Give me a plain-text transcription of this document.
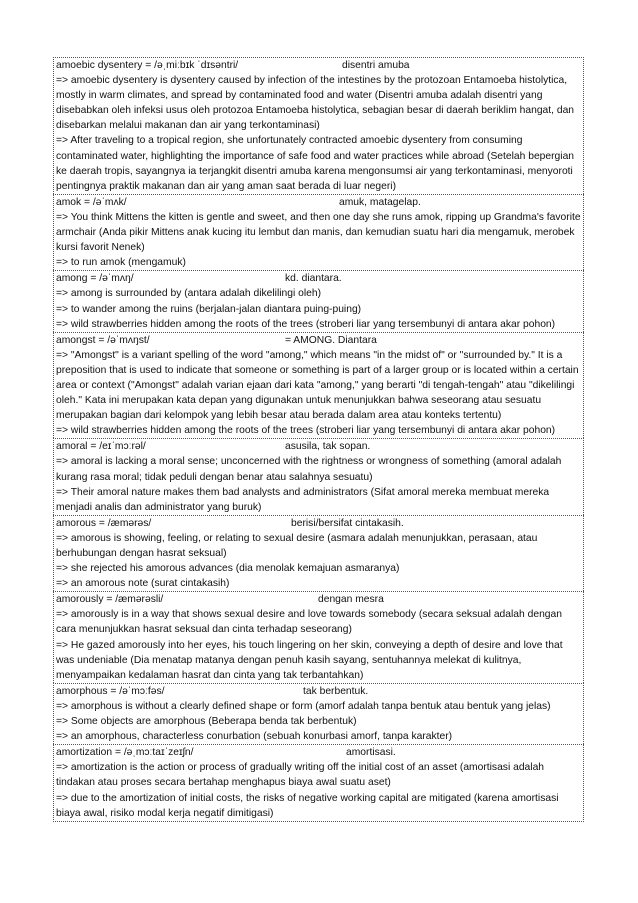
amoebic dysentery = /əˌmiːbɪk ˈdɪsəntri/	disentri amuba
=> amoebic dysentery is dysentery caused by infection of the intestines by the protozoan Entamoeba histolytica, mostly in warm climates, and spread by contaminated food and water (Disentri amuba adalah disentri yang disebabkan oleh infeksi usus oleh protozoa Entamoeba histolytica, sebagian besar di daerah beriklim hangat, dan disebarkan melalui makanan dan air yang terkontaminasi)
=> After traveling to a tropical region, she unfortunately contracted amoebic dysentery from consuming contaminated water, highlighting the importance of safe food and water practices while abroad (Setelah bepergian ke daerah tropis, sayangnya ia terjangkit disentri amuba karena mengonsumsi air yang terkontaminasi, menyoroti pentingnya praktik makanan dan air yang aman saat berada di luar negeri)
amok = /əˈmʌk/	amuk, matagelap.
=> You think Mittens the kitten is gentle and sweet, and then one day she runs amok, ripping up Grandma's favorite armchair (Anda pikir Mittens anak kucing itu lembut dan manis, dan kemudian suatu hari dia mengamuk, merobek kursi favorit Nenek)
=> to run amok (mengamuk)
among = /əˈmʌŋ/	kd. diantara.
=> among is surrounded by (antara adalah dikelilingi oleh)
=> to wander among the ruins (berjalan-jalan diantara puing-puing)
=> wild strawberries hidden among the roots of the trees (stroberi liar yang tersembunyi di antara akar pohon)
amongst = /əˈmʌŋst/	= AMONG. Diantara
=> "Amongst" is a variant spelling of the word "among," which means "in the midst of" or "surrounded by." It is a preposition that is used to indicate that someone or something is part of a larger group or is located within a certain area or context ("Amongst" adalah varian ejaan dari kata "among," yang berarti "di tengah-tengah" atau "dikelilingi oleh." Kata ini merupakan kata depan yang digunakan untuk menunjukkan bahwa seseorang atau sesuatu merupakan bagian dari kelompok yang lebih besar atau berada dalam area atau konteks tertentu)
=> wild strawberries hidden among the roots of the trees (stroberi liar yang tersembunyi di antara akar pohon)
amoral = /eɪˈmɔːrəl/	asusila, tak sopan.
=> amoral is lacking a moral sense; unconcerned with the rightness or wrongness of something (amoral adalah kurang rasa moral; tidak peduli dengan benar atau salahnya sesuatu)
=> Their amoral nature makes them bad analysts and administrators (Sifat amoral mereka membuat mereka menjadi analis dan administrator yang buruk)
amorous = /æmərəs/	berisi/bersifat cintakasih.
=> amorous is showing, feeling, or relating to sexual desire (asmara adalah menunjukkan, perasaan, atau berhubungan dengan hasrat seksual)
=> she rejected his amorous advances (dia menolak kemajuan asmaranya)
=> an amorous note (surat cintakasih)
amorously = /æmərəsli/	dengan mesra
=> amorously is in a way that shows sexual desire and love towards somebody (secara seksual adalah dengan cara menunjukkan hasrat seksual dan cinta terhadap seseorang)
=> He gazed amorously into her eyes, his touch lingering on her skin, conveying a depth of desire and love that was undeniable (Dia menatap matanya dengan penuh kasih sayang, sentuhannya melekat di kulitnya, menyampaikan kedalaman hasrat dan cinta yang tak terbantahkan)
amorphous = /əˈmɔːfəs/	tak berbentuk.
=> amorphous is without a clearly defined shape or form (amorf adalah tanpa bentuk atau bentuk yang jelas)
=> Some objects are amorphous (Beberapa benda tak berbentuk)
=> an amorphous, characterless conurbation (sebuah konurbasi amorf, tanpa karakter)
amortization = /əˌmɔːtaɪˈzeɪʃn/	amortisasi.
=> amortization is the action or process of gradually writing off the initial cost of an asset (amortisasi adalah tindakan atau proses secara bertahap menghapus biaya awal suatu aset)
=> due to the amortization of initial costs, the risks of negative working capital are mitigated (karena amortisasi biaya awal, risiko modal kerja negatif dimitigasi)
